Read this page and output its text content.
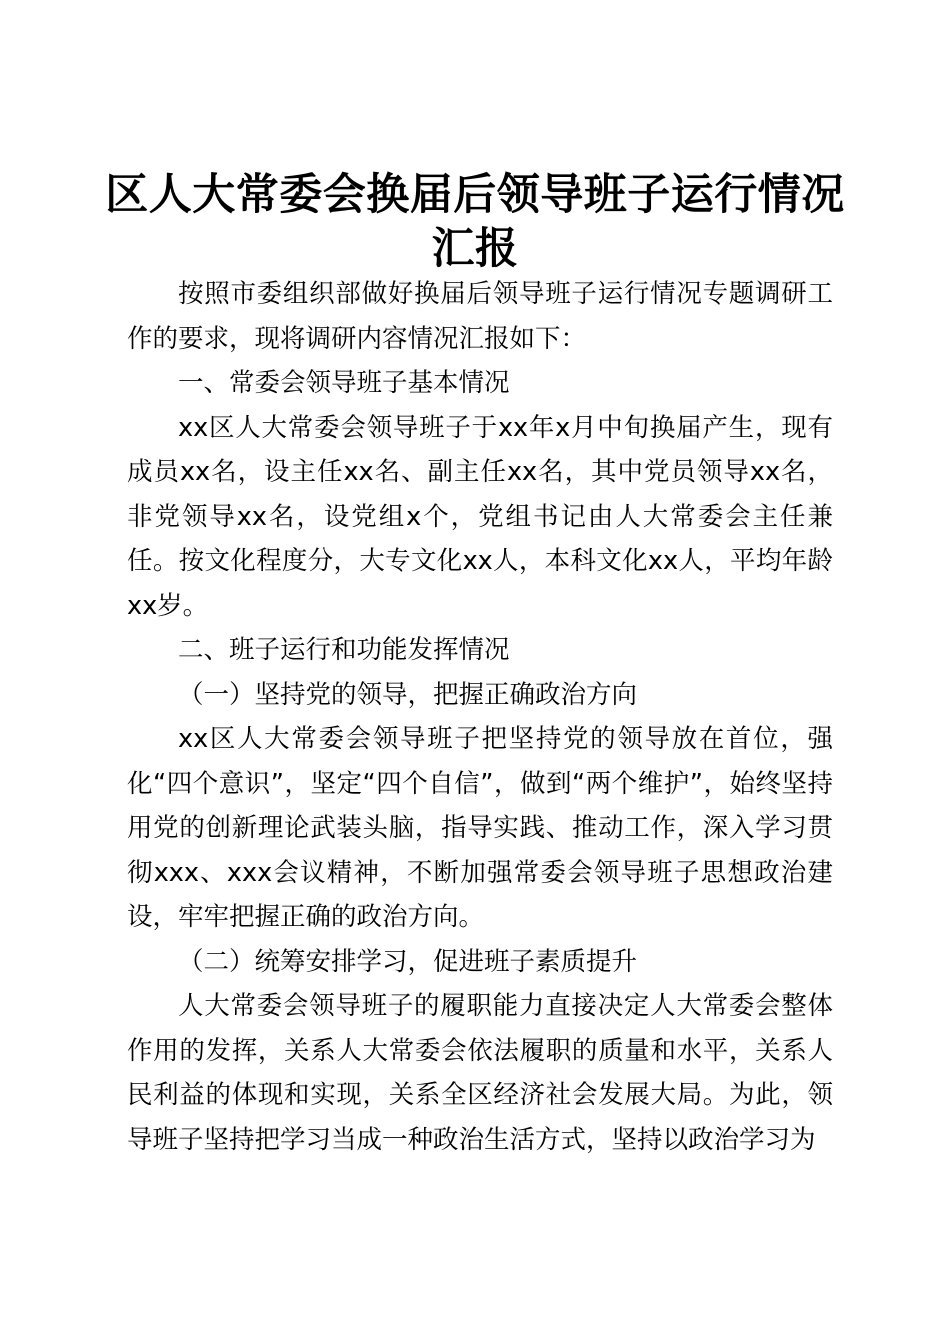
区人大常委会换届后领导班子运行情况
汇报

按照市委组织部做好换届后领导班子运行情况专题调研工作的要求，现将调研内容情况汇报如下：

一、常委会领导班子基本情况

xx区人大常委会领导班子于xx年x月中旬换届产生，现有成员xx名，设主任xx名、副主任xx名，其中党员领导xx名，非党领导xx名，设党组x个，党组书记由人大常委会主任兼任。按文化程度分，大专文化xx人，本科文化xx人，平均年龄xx岁。

二、班子运行和功能发挥情况

（一）坚持党的领导，把握正确政治方向

xx区人大常委会领导班子把坚持党的领导放在首位，强化“四个意识”，坚定“四个自信”，做到“两个维护”，始终坚持用党的创新理论武装头脑，指导实践、推动工作，深入学习贯彻xxx、xxx会议精神，不断加强常委会领导班子思想政治建设，牢牢把握正确的政治方向。

（二）统筹安排学习，促进班子素质提升

人大常委会领导班子的履职能力直接决定人大常委会整体作用的发挥，关系人大常委会依法履职的质量和水平，关系人民利益的体现和实现，关系全区经济社会发展大局。为此，领导班子坚持把学习当成一种政治生活方式，坚持以政治学习为
